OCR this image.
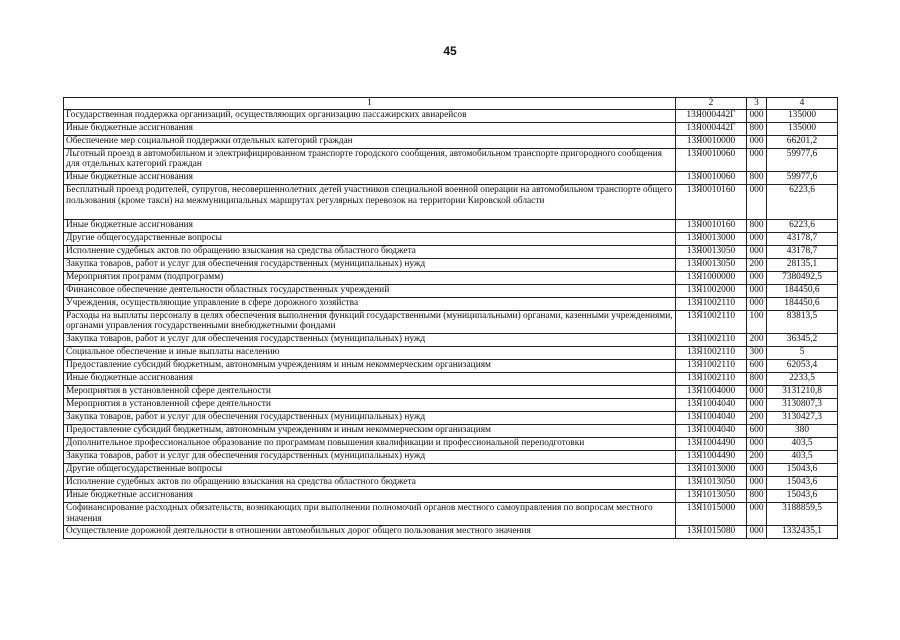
45
1	2	3	4
Государственная поддержка организаций, осуществляющих организацию пассажирских авиарейсов	13Я000442Г	000	135000
Иные бюджетные ассигнования	13Я000442Г	800	135000
Обеспечение мер социальной поддержки отдельных категорий граждан	13Я0010000	000	66201,2
Льготный проезд в автомобильном и электрифицированном транспорте городского сообщения, автомобильном транспорте пригородного сообщения для отдельных категорий граждан	13Я0010060	000	59977,6
Иные бюджетные ассигнования	13Я0010060	800	59977,6
Бесплатный проезд родителей, супругов, несовершеннолетних детей участников специальной военной операции на автомобильном транспорте общего пользования (кроме такси) на межмуниципальных маршрутах регулярных перевозок на территории Кировской области	13Я0010160	000	6223,6
Иные бюджетные ассигнования	13Я0010160	800	6223,6
Другие общегосударственные вопросы	13Я0013000	000	43178,7
Исполнение судебных актов по обращению взыскания на средства областного бюджета	13Я0013050	000	43178,7
Закупка товаров, работ и услуг для обеспечения государственных (муниципальных) нужд	13Я0013050	200	28135,1
Мероприятия программ (подпрограмм)	13Я1000000	000	7380492,5
Финансовое обеспечение деятельности областных государственных учреждений	13Я1002000	000	184450,6
Учреждения, осуществляющие управление в сфере дорожного хозяйства	13Я1002110	000	184450,6
Расходы на выплаты персоналу в целях обеспечения выполнения функций государственными (муниципальными) органами, казенными учреждениями, органами управления государственными внебюджетными фондами	13Я1002110	100	83813,5
Закупка товаров, работ и услуг для обеспечения государственных (муниципальных) нужд	13Я1002110	200	36345,2
Социальное обеспечение и иные выплаты населению	13Я1002110	300	5
Предоставление субсидий бюджетным, автономным учреждениям и иным некоммерческим организациям	13Я1002110	600	62053,4
Иные бюджетные ассигнования	13Я1002110	800	2233,5
Мероприятия в установленной сфере деятельности	13Я1004000	000	3131210,8
Мероприятия в установленной сфере деятельности	13Я1004040	000	3130807,3
Закупка товаров, работ и услуг для обеспечения государственных (муниципальных) нужд	13Я1004040	200	3130427,3
Предоставление субсидий бюджетным, автономным учреждениям и иным некоммерческим организациям	13Я1004040	600	380
Дополнительное профессиональное образование по программам повышения квалификации и профессиональной переподготовки	13Я1004490	000	403,5
Закупка товаров, работ и услуг для обеспечения государственных (муниципальных) нужд	13Я1004490	200	403,5
Другие общегосударственные вопросы	13Я1013000	000	15043,6
Исполнение судебных актов по обращению взыскания на средства областного бюджета	13Я1013050	000	15043,6
Иные бюджетные ассигнования	13Я1013050	800	15043,6
Софинансирование расходных обязательств, возникающих при выполнении полномочий органов местного самоуправления по вопросам местного значения	13Я1015000	000	3188859,5
Осуществление дорожной деятельности в отношении автомобильных дорог общего пользования местного значения	13Я1015080	000	1332435,1
